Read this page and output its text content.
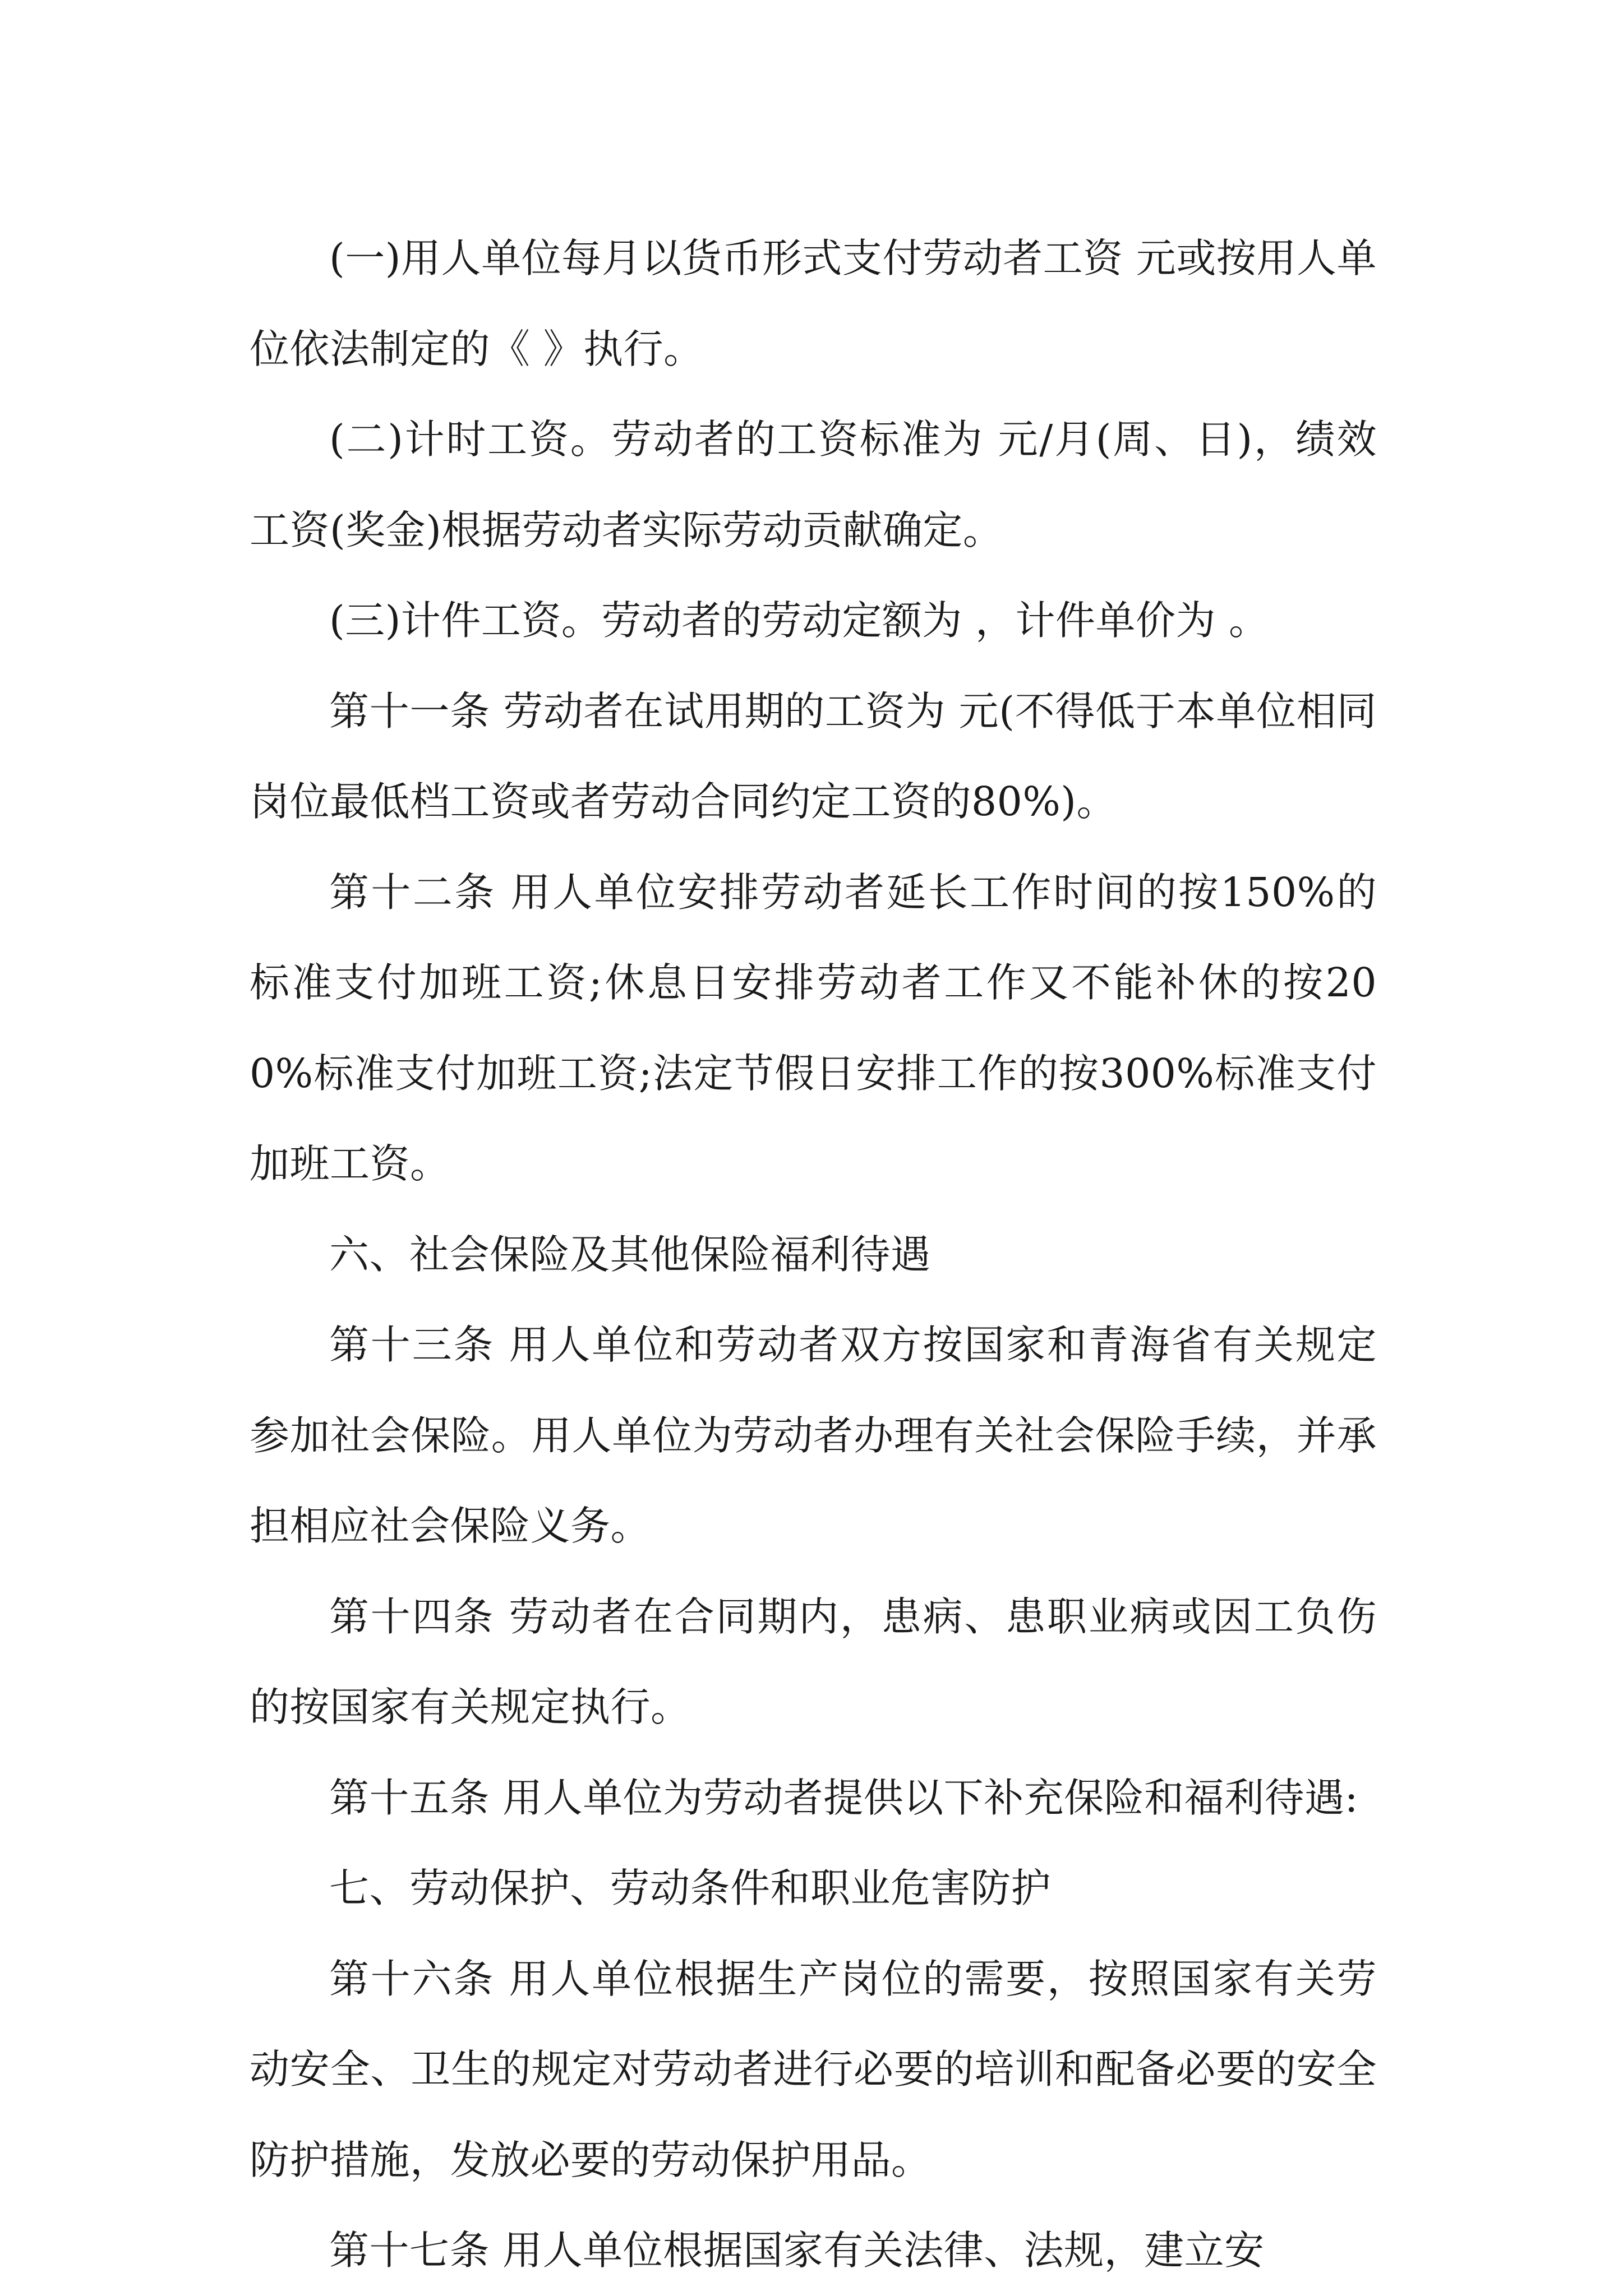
(一)用人单位每月以货币形式支付劳动者工资 元或按用人单位依法制定的《 》执行。

(二)计时工资。劳动者的工资标准为 元/月(周、日)，绩效工资(奖金)根据劳动者实际劳动贡献确定。

(三)计件工资。劳动者的劳动定额为 ，计件单价为 。

第十一条 劳动者在试用期的工资为 元(不得低于本单位相同岗位最低档工资或者劳动合同约定工资的80%)。

第十二条 用人单位安排劳动者延长工作时间的按150%的标准支付加班工资;休息日安排劳动者工作又不能补休的按200%标准支付加班工资;法定节假日安排工作的按300%标准支付加班工资。

六、社会保险及其他保险福利待遇

第十三条 用人单位和劳动者双方按国家和青海省有关规定参加社会保险。用人单位为劳动者办理有关社会保险手续，并承担相应社会保险义务。

第十四条 劳动者在合同期内，患病、患职业病或因工负伤的按国家有关规定执行。

第十五条 用人单位为劳动者提供以下补充保险和福利待遇:

七、劳动保护、劳动条件和职业危害防护

第十六条 用人单位根据生产岗位的需要，按照国家有关劳动安全、卫生的规定对劳动者进行必要的培训和配备必要的安全防护措施，发放必要的劳动保护用品。

第十七条 用人单位根据国家有关法律、法规，建立安
